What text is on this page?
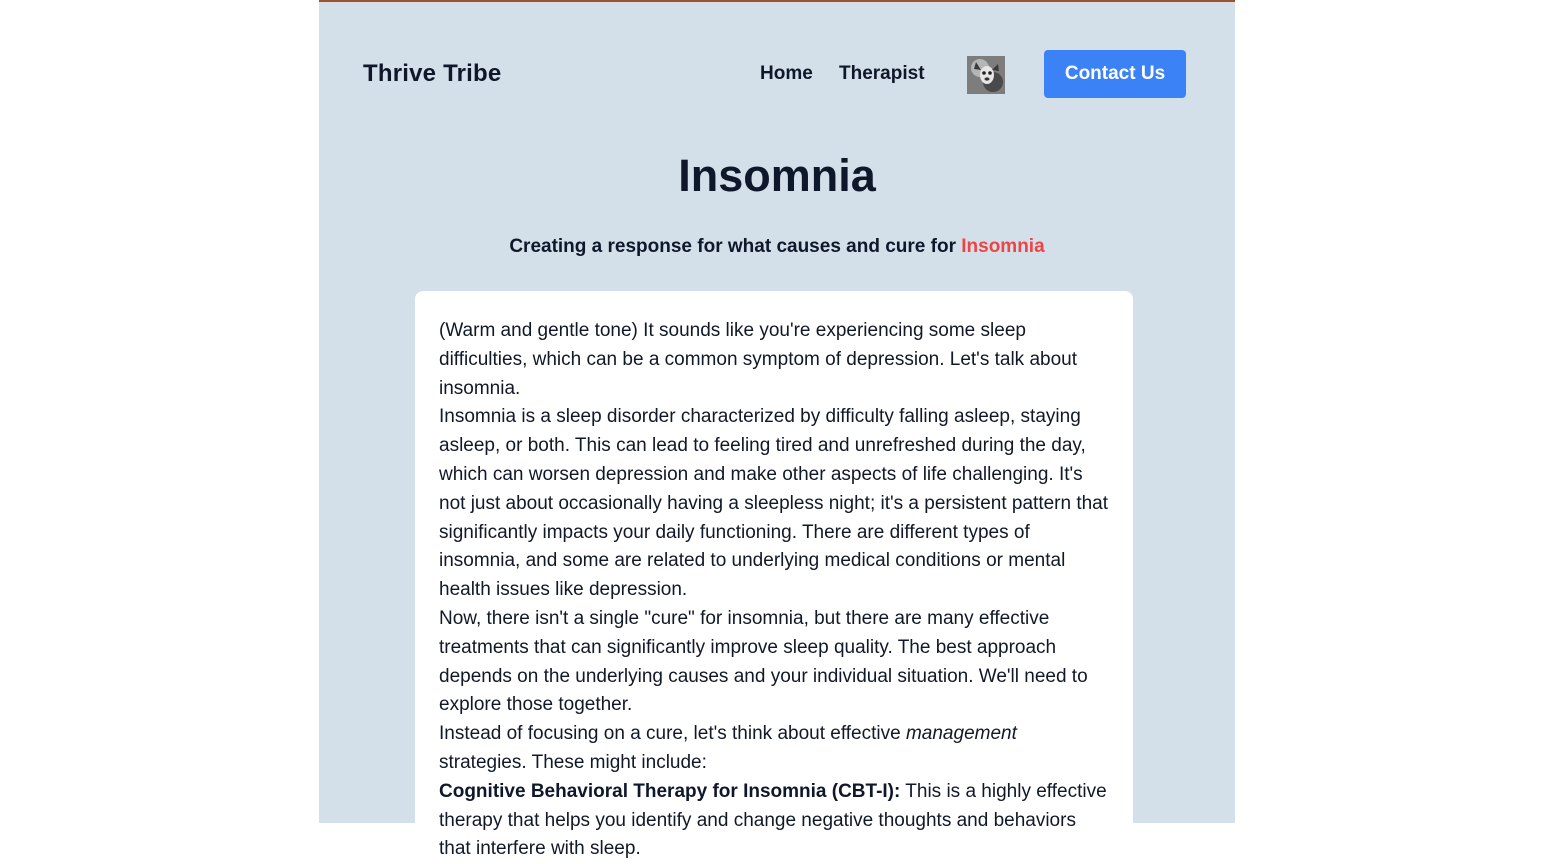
Thrive Tribe	Home Therapist	Contact Us
Insomnia
Creating a response for what causes and cure for Insomnia

(Warm and gentle tone) It sounds like you're experiencing some sleep difficulties, which can be a common symptom of depression. Let's talk about insomnia.

Insomnia is a sleep disorder characterized by difficulty falling asleep, staying asleep, or both. This can lead to feeling tired and unrefreshed during the day, which can worsen depression and make other aspects of life challenging. It's not just about occasionally having a sleepless night; it's a persistent pattern that significantly impacts your daily functioning. There are different types of insomnia, and some are related to underlying medical conditions or mental health issues like depression.

Now, there isn't a single "cure" for insomnia, but there are many effective treatments that can significantly improve sleep quality. The best approach depends on the underlying causes and your individual situation. We'll need to explore those together.

Instead of focusing on a cure, let's think about effective management strategies. These might include:

Cognitive Behavioral Therapy for Insomnia (CBT-I): This is a highly effective therapy that helps you identify and change negative thoughts and behaviors that interfere with sleep.
